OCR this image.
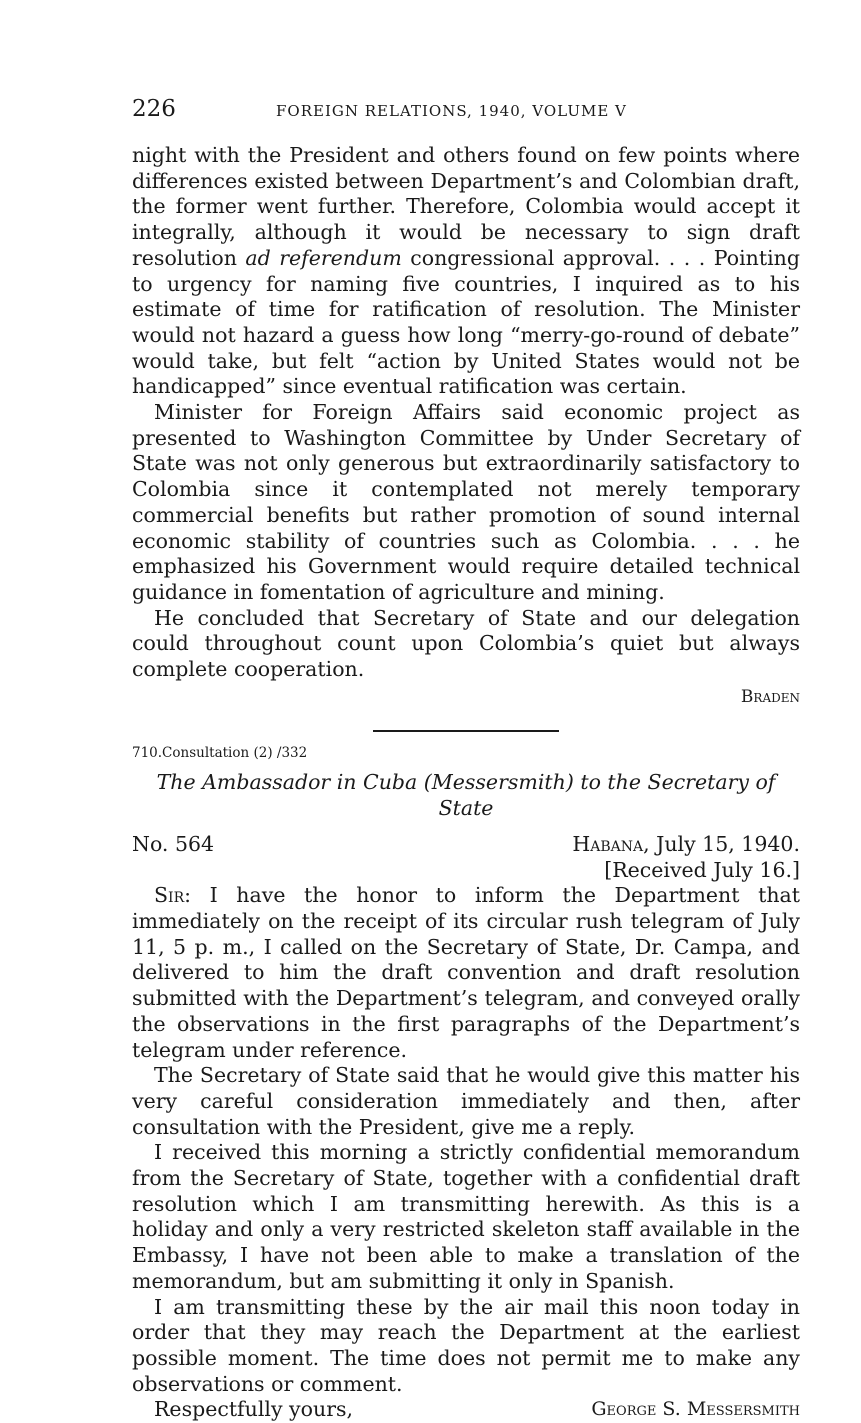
226	FOREIGN RELATIONS, 1940, VOLUME V

night with the President and others found on few points where differences existed between Department’s and Colombian draft, the former went further. Therefore, Colombia would accept it integrally, although it would be necessary to sign draft resolution ad referendum congressional approval. . . . Pointing to urgency for naming five countries, I inquired as to his estimate of time for ratification of resolution. The Minister would not hazard a guess how long “merry-go-round of debate” would take, but felt “action by United States would not be handicapped” since eventual ratification was certain.

Minister for Foreign Affairs said economic project as presented to Washington Committee by Under Secretary of State was not only generous but extraordinarily satisfactory to Colombia since it contemplated not merely temporary commercial benefits but rather promotion of sound internal economic stability of countries such as Colombia. . . . he emphasized his Government would require detailed technical guidance in fomentation of agriculture and mining.

He concluded that Secretary of State and our delegation could throughout count upon Colombia’s quiet but always complete cooperation.

Braden
710.Consultation (2) /332
The Ambassador in Cuba (Messersmith) to the Secretary of State
No. 564	Habana, July 15, 1940.
[Received July 16.]

Sir: I have the honor to inform the Department that immediately on the receipt of its circular rush telegram of July 11, 5 p. m., I called on the Secretary of State, Dr. Campa, and delivered to him the draft convention and draft resolution submitted with the Department’s telegram, and conveyed orally the observations in the first paragraphs of the Department’s telegram under reference.

The Secretary of State said that he would give this matter his very careful consideration immediately and then, after consultation with the President, give me a reply.

I received this morning a strictly confidential memorandum from the Secretary of State, together with a confidential draft resolution which I am transmitting herewith. As this is a holiday and only a very restricted skeleton staff available in the Embassy, I have not been able to make a translation of the memorandum, but am submitting it only in Spanish.

I am transmitting these by the air mail this noon today in order that they may reach the Department at the earliest possible moment. The time does not permit me to make any observations or comment.

Respectfully yours,	George S. Messersmith
